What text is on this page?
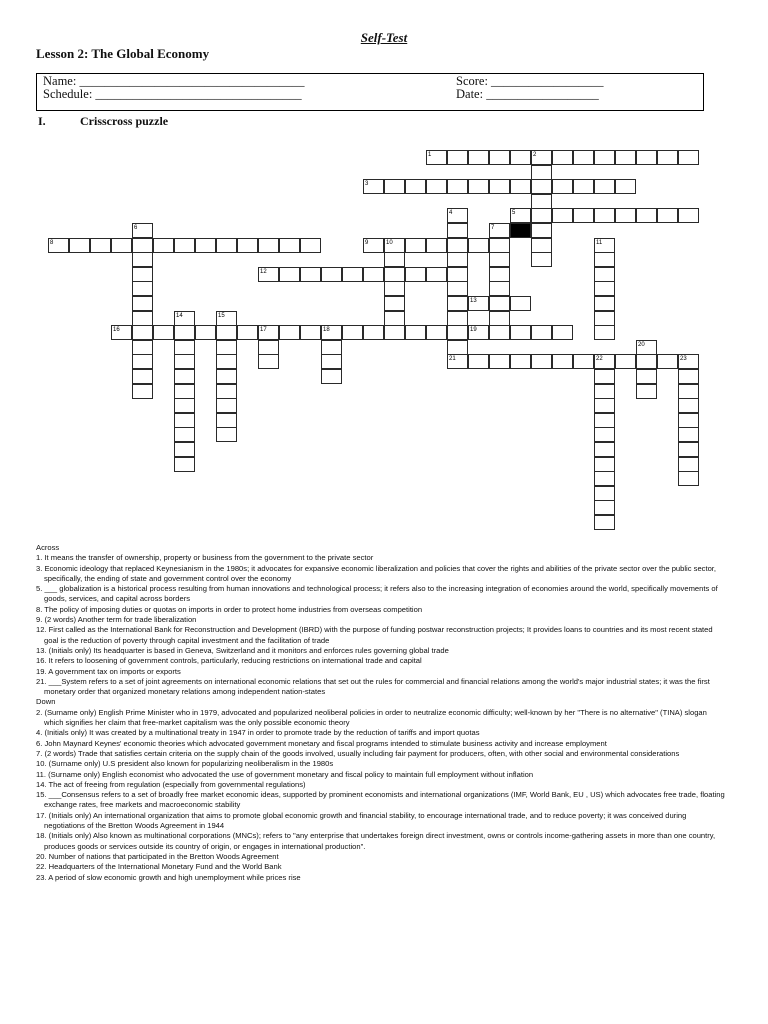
Self-Test
Lesson 2: The Global Economy
Name: ____________________________________
Schedule: _________________________________
Score: __________________
Date: __________________
I.	Crisscross puzzle
1	2
3
4	5
6	7
8	9	10	11
12
13
14	15
16	17	18	19
20
21	22	23
Across
1. It means the transfer of ownership, property or business from the government to the private sector
3. Economic ideology that replaced Keynesianism in the 1980s; it advocates for expansive economic liberalization and policies that cover the rights and abilities of the private sector over the public sector, specifically, the ending of state and government control over the economy
5. ___ globalization is a historical process resulting from human innovations and technological process; it refers also to the increasing integration of economies around the world, specifically movements of goods, services, and capital across borders
8. The policy of imposing duties or quotas on imports in order to protect home industries from overseas competition
9. (2 words) Another term for trade liberalization
12. First called as the International Bank for Reconstruction and Development (IBRD) with the purpose of funding postwar reconstruction projects; It provides loans to countries and its most recent stated goal is the reduction of poverty through capital investment and the facilitation of trade
13. (Initials only) Its headquarter is based in Geneva, Switzerland and it monitors and enforces rules governing global trade
16. It refers to loosening of government controls, particularly, reducing restrictions on international trade and capital
19. A government tax on imports or exports
21. ___System refers to a set of joint agreements on international economic relations that set out the rules for commercial and financial relations among the world's major industrial states; it was the first monetary order that organized monetary relations among independent nation-states
Down
2. (Surname only) English Prime Minister who in 1979, advocated and popularized neoliberal policies in order to neutralize economic difficulty; well-known by her "There is no alternative" (TINA) slogan which signifies her claim that free-market capitalism was the only possible economic theory
4. (Initials only) It was created by a multinational treaty in 1947 in order to promote trade by the reduction of tariffs and import quotas
6. John Maynard Keynes' economic theories which advocated government monetary and fiscal programs intended to stimulate business activity and increase employment
7. (2 words) Trade that satisfies certain criteria on the supply chain of the goods involved, usually including fair payment for producers, often, with other social and environmental considerations
10. (Surname only) U.S president also known for popularizing neoliberalism in the 1980s
11. (Surname only) English economist who advocated the use of government monetary and fiscal policy to maintain full employment without inflation
14. The act of freeing from regulation (especially from governmental regulations)
15. ___Consensus refers to a set of broadly free market economic ideas, supported by prominent economists and international organizations (IMF, World Bank, EU , US) which advocates free trade, floating exchange rates, free markets and macroeconomic stability
17. (Initials only) An international organization that aims to promote global economic growth and financial stability, to encourage international trade, and to reduce poverty; it was conceived during negotiations of the Bretton Woods Agreement in 1944
18. (Initials only) Also known as multinational corporations (MNCs); refers to "any enterprise that undertakes foreign direct investment, owns or controls income-gathering assets in more than one country, produces goods or services outside its country of origin, or engages in international production".
20. Number of nations that participated in the Bretton Woods Agreement
22. Headquarters of the International Monetary Fund and the World Bank
23. A period of slow economic growth and high unemployment while prices rise
